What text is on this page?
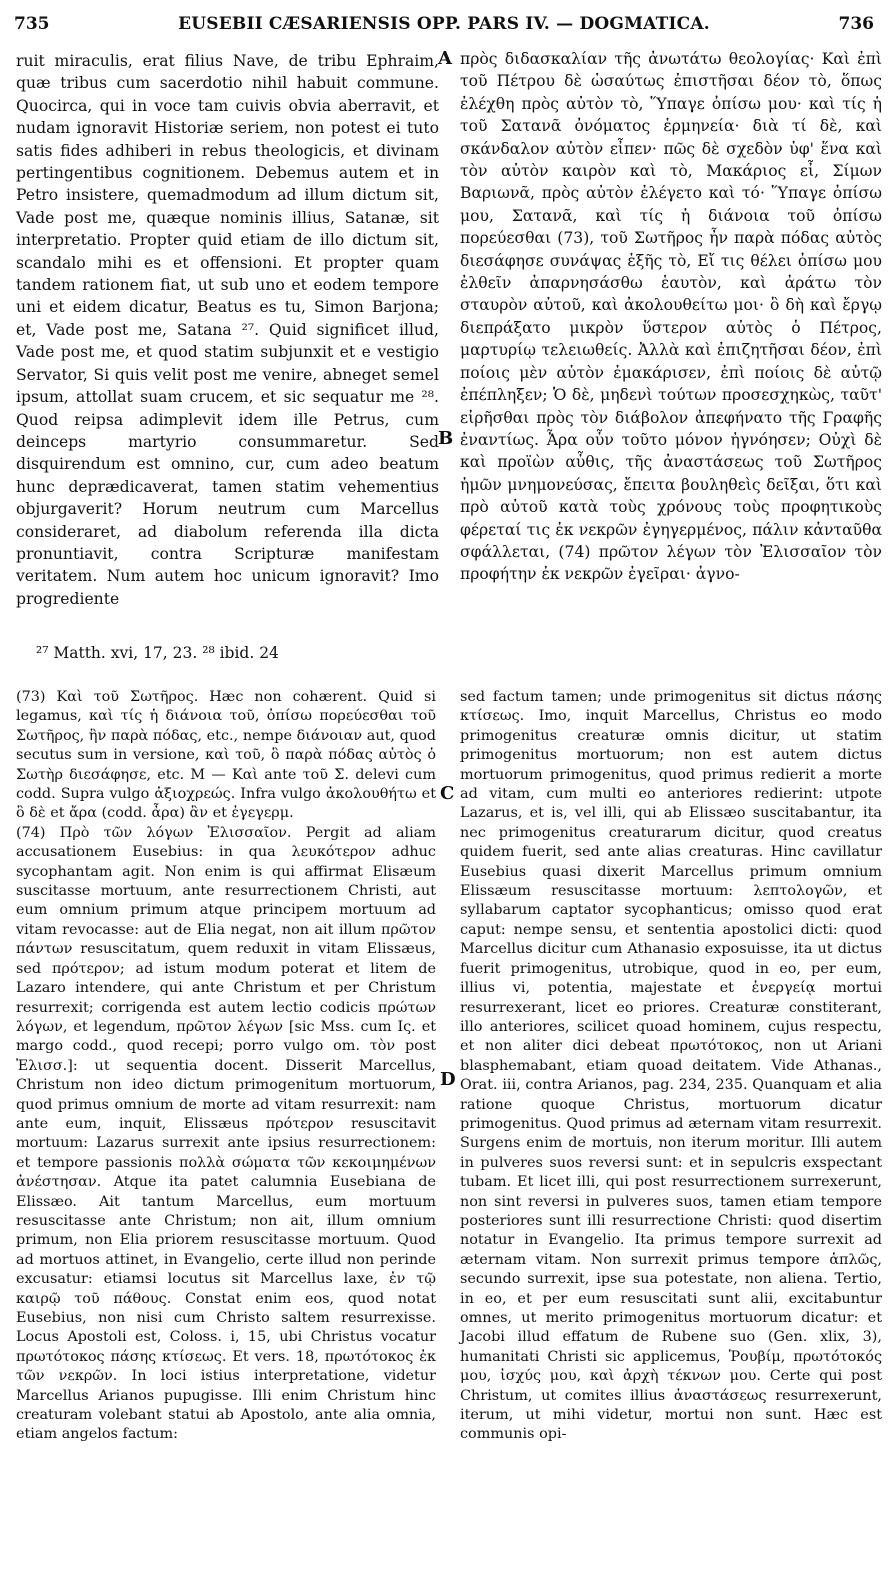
735	EUSEBII CÆSARIENSIS OPP. PARS IV. — DOGMATICA.	736

ruit miraculis, erat filius Nave, de tribu Ephraim, quæ tribus cum sacerdotio nihil habuit commune. Quocirca, qui in voce tam cuivis obvia aberravit, et nudam ignoravit Historiæ seriem, non potest ei tuto satis fides adhiberi in rebus theologicis, et divinam pertingentibus cognitionem. Debemus autem et in Petro insistere, quemadmodum ad illum dictum sit, Vade post me, quæque nominis illius, Satanæ, sit interpretatio. Propter quid etiam de illo dictum sit, scandalo mihi es et offensioni. Et propter quam tandem rationem fiat, ut sub uno et eodem tempore uni et eidem dicatur, Beatus es tu, Simon Barjona; et, Vade post me, Satana ²⁷. Quid significet illud, Vade post me, et quod statim subjunxit et e vestigio Servator, Si quis velit post me venire, abneget semel ipsum, attollat suam crucem, et sic sequatur me ²⁸. Quod reipsa adimplevit idem ille Petrus, cum deinceps martyrio consummaretur. Sed disquirendum est omnino, cur, cum adeo beatum hunc deprædicaverat, tamen statim vehementius objurgaverit? Horum neutrum cum Marcellus consideraret, ad diabolum referenda illa dicta pronuntiavit, contra Scripturæ manifestam veritatem. Num autem hoc unicum ignoravit? Imo progrediente

A
B

πρὸς διδασκαλίαν τῆς ἀνωτάτω θεολογίας· Καὶ ἐπὶ τοῦ Πέτρου δὲ ὡσαύτως ἐπιστῆσαι δέον τὸ, ὅπως ἐλέχθη πρὸς αὐτὸν τὸ, Ὕπαγε ὀπίσω μου· καὶ τίς ἡ τοῦ Σατανᾶ ὀνόματος ἑρμηνεία· διὰ τί δὲ, καὶ σκάνδαλον αὐτὸν εἶπεν· πῶς δὲ σχεδὸν ὑφ' ἕνα καὶ τὸν αὐτὸν καιρὸν καὶ τὸ, Μακάριος εἶ, Σίμων Βαριωνᾶ, πρὸς αὐτὸν ἐλέγετο καὶ τό· Ὕπαγε ὀπίσω μου, Σατανᾶ, καὶ τίς ἡ διάνοια τοῦ ὀπίσω πορεύεσθαι (73), τοῦ Σωτῆρος ἦν παρὰ πόδας αὐτὸς διεσάφησε συνάψας ἑξῆς τὸ, Εἴ τις θέλει ὀπίσω μου ἐλθεῖν ἀπαρνησάσθω ἑαυτὸν, καὶ ἀράτω τὸν σταυρὸν αὐτοῦ, καὶ ἀκολουθείτω μοι· ὃ δὴ καὶ ἔργῳ διεπράξατο μικρὸν ὕστερον αὐτὸς ὁ Πέτρος, μαρτυρίῳ τελειωθείς. Ἀλλὰ καὶ ἐπιζητῆσαι δέον, ἐπὶ ποίοις μὲν αὐτὸν ἐμακάρισεν, ἐπὶ ποίοις δὲ αὐτῷ ἐπέπληξεν; Ὁ δὲ, μηδενὶ τούτων προσεσχηκὼς, ταῦτ' εἰρῆσθαι πρὸς τὸν διάβολον ἀπεφήνατο τῆς Γραφῆς ἐναντίως. Ἆρα οὖν τοῦτο μόνον ἠγνόησεν; Οὐχὶ δὲ καὶ προϊὼν αὖθις, τῆς ἀναστάσεως τοῦ Σωτῆρος ἡμῶν μνημονεύσας, ἔπειτα βουληθεὶς δεῖξαι, ὅτι καὶ πρὸ αὐτοῦ κατὰ τοὺς χρόνους τοὺς προφητικοὺς φέρεταί τις ἐκ νεκρῶν ἐγηγερμένος, πάλιν κἀνταῦθα σφάλλεται, (74) πρῶτον λέγων τὸν Ἐλισσαῖον τὸν προφήτην ἐκ νεκρῶν ἐγεῖραι· ἀγνο-

²⁷ Matth. xvi, 17, 23. ²⁸ ibid. 24

(73) Καὶ τοῦ Σωτῆρος. Hæc non cohærent. Quid si legamus, καὶ τίς ἡ διάνοια τοῦ, ὀπίσω πορεύεσθαι τοῦ Σωτῆρος, ἣν παρὰ πόδας, etc., nempe διάνοιαν aut, quod secutus sum in versione, καὶ τοῦ, ὃ παρὰ πόδας αὐτὸς ὁ Σωτὴρ διεσάφησε, etc. M — Καὶ ante τοῦ Σ. delevi cum codd. Supra vulgo ἀξιοχρεώς. Infra vulgo ἀκολουθήτω et ὃ δὲ et ἄρα (codd. ἆρα) ἂν et ἐγεγερμ.

(74) Πρὸ τῶν λόγων Ἐλισσαῖον. Pergit ad aliam accusationem Eusebius: in qua λευκότερον adhuc sycophantam agit. Non enim is qui affirmat Elisæum suscitasse mortuum, ante resurrectionem Christi, aut eum omnium primum atque principem mortuum ad vitam revocasse: aut de Elia negat, non ait illum πρῶτον πάντων resuscitatum, quem reduxit in vitam Elissæus, sed πρότερον; ad istum modum poterat et litem de Lazaro intendere, qui ante Christum et per Christum resurrexit; corrigenda est autem lectio codicis πρώτων λόγων, et legendum, πρῶτον λέγων [sic Mss. cum Ις. et margo codd., quod recepi; porro vulgo om. τὸν post Ἐλισσ.]: ut sequentia docent. Disserit Marcellus, Christum non ideo dictum primogenitum mortuorum, quod primus omnium de morte ad vitam resurrexit: nam ante eum, inquit, Elissæus πρότερον resuscitavit mortuum: Lazarus surrexit ante ipsius resurrectionem: et tempore passionis πολλὰ σώματα τῶν κεκοιμημένων ἀνέστησαν. Atque ita patet calumnia Eusebiana de Elissæo. Ait tantum Marcellus, eum mortuum resuscitasse ante Christum; non ait, illum omnium primum, non Elia priorem resuscitasse mortuum. Quod ad mortuos attinet, in Evangelio, certe illud non perinde excusatur: etiamsi locutus sit Marcellus laxe, ἐν τῷ καιρῷ τοῦ πάθους. Constat enim eos, quod notat Eusebius, non nisi cum Christo saltem resurrexisse. Locus Apostoli est, Coloss. i, 15, ubi Christus vocatur πρωτότοκος πάσης κτίσεως. Et vers. 18, πρωτότοκος ἐκ τῶν νεκρῶν. In loci istius interpretatione, videtur Marcellus Arianos pupugisse. Illi enim Christum hinc creaturam volebant statui ab Apostolo, ante alia omnia, etiam angelos factum:

C
D

sed factum tamen; unde primogenitus sit dictus πάσης κτίσεως. Imo, inquit Marcellus, Christus eo modo primogenitus creaturæ omnis dicitur, ut statim primogenitus mortuorum; non est autem dictus mortuorum primogenitus, quod primus redierit a morte ad vitam, cum multi eo anteriores redierint: utpote Lazarus, et is, vel illi, qui ab Elissæo suscitabantur, ita nec primogenitus creaturarum dicitur, quod creatus quidem fuerit, sed ante alias creaturas. Hinc cavillatur Eusebius quasi dixerit Marcellus primum omnium Elissæum resuscitasse mortuum: λεπτολογῶν, et syllabarum captator sycophanticus; omisso quod erat caput: nempe sensu, et sententia apostolici dicti: quod Marcellus dicitur cum Athanasio exposuisse, ita ut dictus fuerit primogenitus, utrobique, quod in eo, per eum, illius vi, potentia, majestate et ἐνεργείᾳ mortui resurrexerant, licet eo priores. Creaturæ constiterant, illo anteriores, scilicet quoad hominem, cujus respectu, et non aliter dici debeat πρωτότοκος, non ut Ariani blasphemabant, etiam quoad deitatem. Vide Athanas., Orat. iii, contra Arianos, pag. 234, 235. Quanquam et alia ratione quoque Christus, mortuorum dicatur primogenitus. Quod primus ad æternam vitam resurrexit. Surgens enim de mortuis, non iterum moritur. Illi autem in pulveres suos reversi sunt: et in sepulcris exspectant tubam. Et licet illi, qui post resurrectionem surrexerunt, non sint reversi in pulveres suos, tamen etiam tempore posteriores sunt illi resurrectione Christi: quod disertim notatur in Evangelio. Ita primus tempore surrexit ad æternam vitam. Non surrexit primus tempore ἁπλῶς, secundo surrexit, ipse sua potestate, non aliena. Tertio, in eo, et per eum resuscitati sunt alii, excitabuntur omnes, ut merito primogenitus mortuorum dicatur: et Jacobi illud effatum de Rubene suo (Gen. xlix, 3), humanitati Christi sic applicemus, Ῥουβίμ, πρωτότοκός μου, ἰσχύς μου, καὶ ἀρχὴ τέκνων μου. Certe qui post Christum, ut comites illius ἀναστάσεως resurrexerunt, iterum, ut mihi videtur, mortui non sunt. Hæc est communis opi-
